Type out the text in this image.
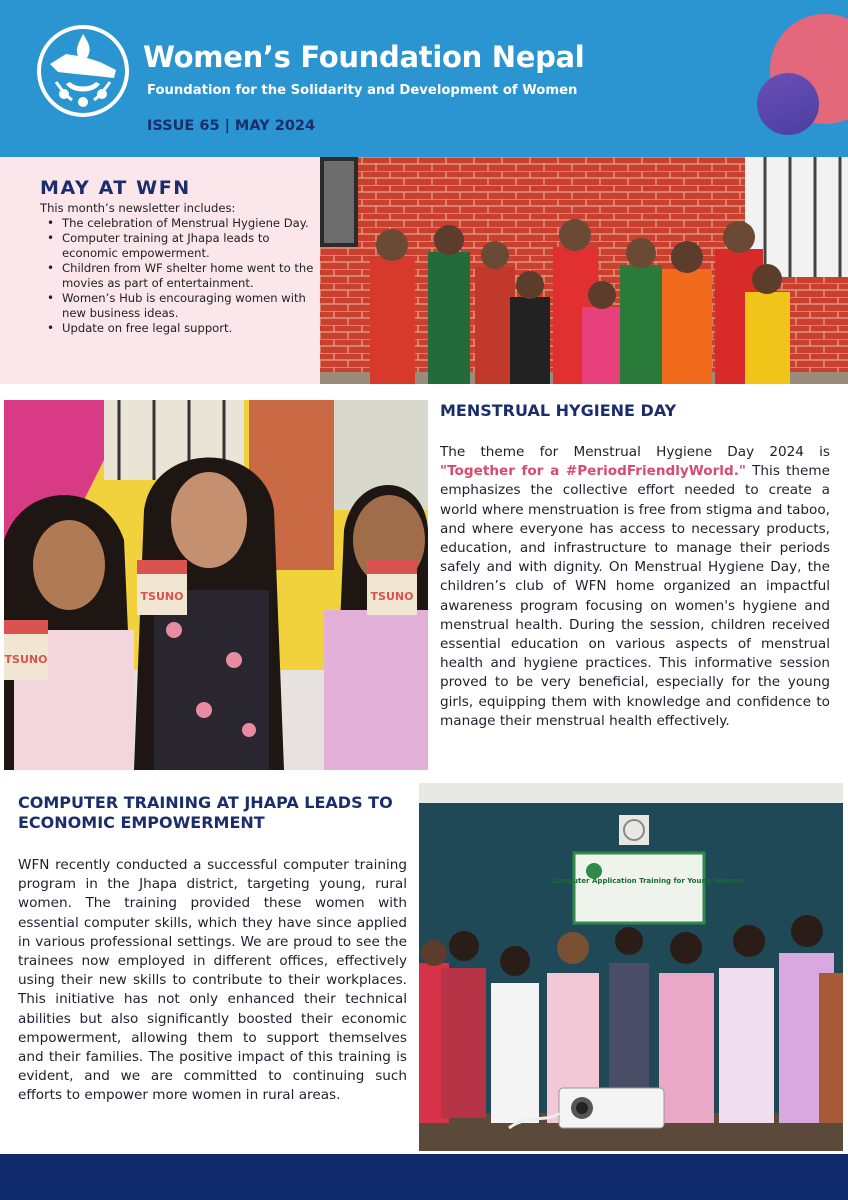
Women’s Foundation Nepal
Foundation for the Solidarity and Development of Women
ISSUE 65 | MAY 2024
MAY AT WFN
This month’s newsletter includes:
• The celebration of Menstrual Hygiene Day.
• Computer training at Jhapa leads to economic empowerment.
• Children from WF shelter home went to the movies as part of entertainment.
• Women’s Hub is encouraging women with new business ideas.
• Update on free legal support.
TSUNO
TSUNO	TSUNO
MENSTRUAL HYGIENE DAY
The theme for Menstrual Hygiene Day 2024 is "Together for a #PeriodFriendlyWorld." This theme emphasizes the collective effort needed to create a world where menstruation is free from stigma and taboo, and where everyone has access to necessary products, education, and infrastructure to manage their periods safely and with dignity. On Menstrual Hygiene Day, the children’s club of WFN home organized an impactful awareness program focusing on women's hygiene and menstrual health. During the session, children received essential education on various aspects of menstrual health and hygiene practices. This informative session proved to be very beneficial, especially for the young girls, equipping them with knowledge and confidence to manage their menstrual health effectively.
COMPUTER TRAINING AT JHAPA LEADS TO ECONOMIC EMPOWERMENT
WFN recently conducted a successful computer training program in the Jhapa district, targeting young, rural women. The training provided these women with essential computer skills, which they have since applied in various professional settings. We are proud to see the trainees now employed in different offices, effectively using their new skills to contribute to their workplaces. This initiative has not only enhanced their technical abilities but also significantly boosted their economic empowerment, allowing them to support themselves and their families. The positive impact of this training is evident, and we are committed to continuing such efforts to empower more women in rural areas.
Computer Application Training for Young Women
